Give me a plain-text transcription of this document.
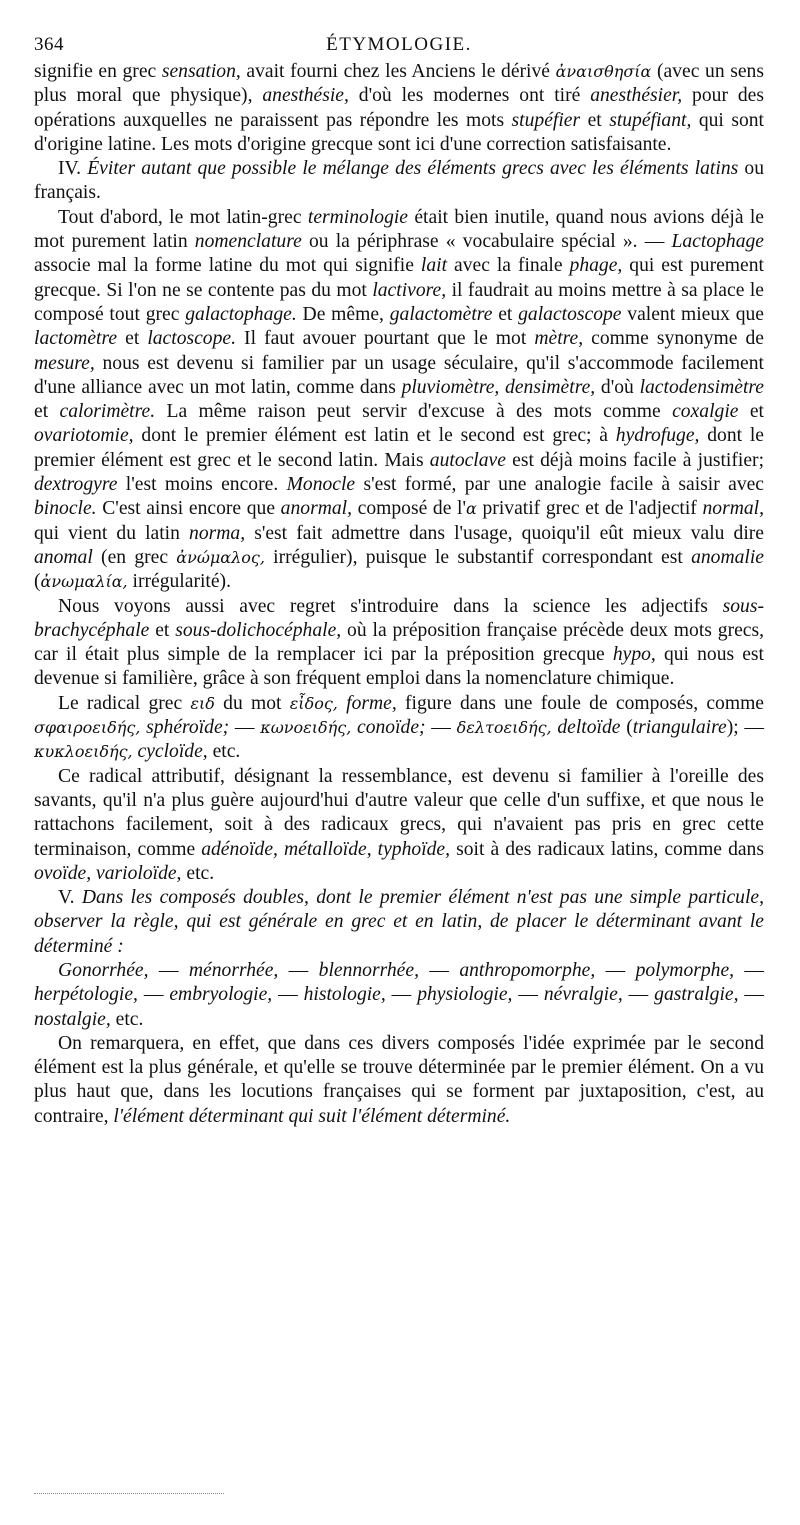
364	ÉTYMOLOGIE.

signifie en grec sensation, avait fourni chez les Anciens le dérivé ἀναισθησία (avec un sens plus moral que physique), anesthésie, d'où les modernes ont tiré anesthésier, pour des opérations auxquelles ne paraissent pas répondre les mots stupéfier et stupéfiant, qui sont d'origine latine. Les mots d'origine grecque sont ici d'une correction satisfaisante.

IV. Éviter autant que possible le mélange des éléments grecs avec les éléments latins ou français.

Tout d'abord, le mot latin-grec terminologie était bien inutile, quand nous avions déjà le mot purement latin nomenclature ou la périphrase « vocabulaire spécial ». — Lactophage associe mal la forme latine du mot qui signifie lait avec la finale phage, qui est purement grecque. Si l'on ne se contente pas du mot lactivore, il faudrait au moins mettre à sa place le composé tout grec galactophage. De même, galactomètre et galactoscope valent mieux que lactomètre et lactoscope. Il faut avouer pourtant que le mot mètre, comme synonyme de mesure, nous est devenu si familier par un usage séculaire, qu'il s'accommode facilement d'une alliance avec un mot latin, comme dans pluviomètre, densimètre, d'où lactodensimètre et calorimètre. La même raison peut servir d'excuse à des mots comme coxalgie et ovariotomie, dont le premier élément est latin et le second est grec; à hydrofuge, dont le premier élément est grec et le second latin. Mais autoclave est déjà moins facile à justifier; dextrogyre l'est moins encore. Monocle s'est formé, par une analogie facile à saisir avec binocle. C'est ainsi encore que anormal, composé de l'α privatif grec et de l'adjectif normal, qui vient du latin norma, s'est fait admettre dans l'usage, quoiqu'il eût mieux valu dire anomal (en grec ἀνώμαλος, irrégulier), puisque le substantif correspondant est anomalie (ἀνωμαλία, irrégularité).

Nous voyons aussi avec regret s'introduire dans la science les adjectifs sous-brachycéphale et sous-dolichocéphale, où la préposition française précède deux mots grecs, car il était plus simple de la remplacer ici par la préposition grecque hypo, qui nous est devenue si familière, grâce à son fréquent emploi dans la nomenclature chimique.

Le radical grec ειδ du mot εἶδος, forme, figure dans une foule de composés, comme σφαιροειδής, sphéroïde; — κωνοειδής, conoïde; — δελτοειδής, deltoïde (triangulaire); — κυκλοειδής, cycloïde, etc.

Ce radical attributif, désignant la ressemblance, est devenu si familier à l'oreille des savants, qu'il n'a plus guère aujourd'hui d'autre valeur que celle d'un suffixe, et que nous le rattachons facilement, soit à des radicaux grecs, qui n'avaient pas pris en grec cette terminaison, comme adénoïde, métalloïde, typhoïde, soit à des radicaux latins, comme dans ovoïde, varioloïde, etc.

V. Dans les composés doubles, dont le premier élément n'est pas une simple particule, observer la règle, qui est générale en grec et en latin, de placer le déterminant avant le déterminé :

Gonorrhée, — ménorrhée, — blennorrhée, — anthropomorphe, — polymorphe, — herpétologie, — embryologie, — histologie, — physiologie, — névralgie, — gastralgie, — nostalgie, etc.

On remarquera, en effet, que dans ces divers composés l'idée exprimée par le second élément est la plus générale, et qu'elle se trouve déterminée par le premier élément. On a vu plus haut que, dans les locutions françaises qui se forment par juxtaposition, c'est, au contraire, l'élément déterminant qui suit l'élément déterminé.
